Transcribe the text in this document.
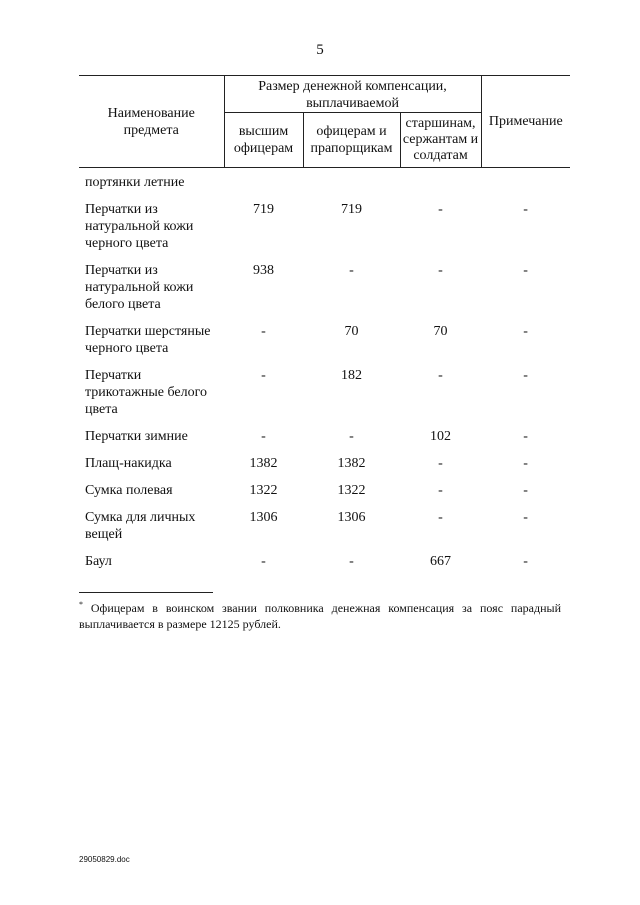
5
Наименование предмета	Размер денежной компенсации, выплачиваемой			Примечание
	высшим офицерам	офицерам и прапорщикам	старшинам, сержантам и солдатам	
портянки летние				
Перчатки из натуральной кожи черного цвета	719	719	-	-
Перчатки из натуральной кожи белого цвета	938	-	-	-
Перчатки шерстяные черного цвета	-	70	70	-
Перчатки трикотажные белого цвета	-	182	-	-
Перчатки зимние	-	-	102	-
Плащ-накидка	1382	1382	-	-
Сумка полевая	1322	1322	-	-
Сумка для личных вещей	1306	1306	-	-
Баул	-	-	667	-
* Офицерам в воинском звании полковника денежная компенсация за пояс парадный выплачивается в размере 12125 рублей.
29050829.doc
